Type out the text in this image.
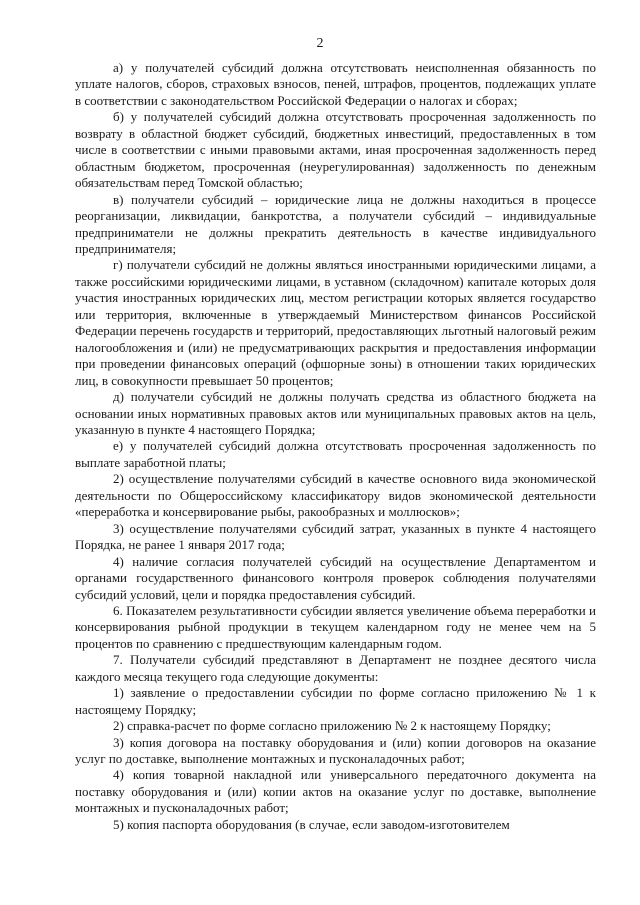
2

а) у получателей субсидий должна отсутствовать неисполненная обязанность по уплате налогов, сборов, страховых взносов, пеней, штрафов, процентов, подлежащих уплате в соответствии с законодательством Российской Федерации о налогах и сборах;

б) у получателей субсидий должна отсутствовать просроченная задолженность по возврату в областной бюджет субсидий, бюджетных инвестиций, предоставленных в том числе в соответствии с иными правовыми актами, иная просроченная задолженность перед областным бюджетом, просроченная (неурегулированная) задолженность по денежным обязательствам перед Томской областью;

в) получатели субсидий – юридические лица не должны находиться в процессе реорганизации, ликвидации, банкротства, а получатели субсидий – индивидуальные предприниматели не должны прекратить деятельность в качестве индивидуального предпринимателя;

г) получатели субсидий не должны являться иностранными юридическими лицами, а также российскими юридическими лицами, в уставном (складочном) капитале которых доля участия иностранных юридических лиц, местом регистрации которых является государство или территория, включенные в утверждаемый Министерством финансов Российской Федерации перечень государств и территорий, предоставляющих льготный налоговый режим налогообложения и (или) не предусматривающих раскрытия и предоставления информации при проведении финансовых операций (офшорные зоны) в отношении таких юридических лиц, в совокупности превышает 50 процентов;

д) получатели субсидий не должны получать средства из областного бюджета на основании иных нормативных правовых актов или муниципальных правовых актов на цель, указанную в пункте 4 настоящего Порядка;

е) у получателей субсидий должна отсутствовать просроченная задолженность по выплате заработной платы;

2) осуществление получателями субсидий в качестве основного вида экономической деятельности по Общероссийскому классификатору видов экономической деятельности «переработка и консервирование рыбы, ракообразных и моллюсков»;

3) осуществление получателями субсидий затрат, указанных в пункте 4 настоящего Порядка, не ранее 1 января 2017 года;

4) наличие согласия получателей субсидий на осуществление Департаментом и органами государственного финансового контроля проверок соблюдения получателями субсидий условий, цели и порядка предоставления субсидий.

6. Показателем результативности субсидии является увеличение объема переработки и консервирования рыбной продукции в текущем календарном году не менее чем на 5 процентов по сравнению с предшествующим календарным годом.

7. Получатели субсидий представляют в Департамент не позднее десятого числа каждого месяца текущего года следующие документы:

1) заявление о предоставлении субсидии по форме согласно приложению № 1 к настоящему Порядку;

2) справка-расчет по форме согласно приложению № 2 к настоящему Порядку;

3) копия договора на поставку оборудования и (или) копии договоров на оказание услуг по доставке, выполнение монтажных и пусконаладочных работ;

4) копия товарной накладной или универсального передаточного документа на поставку оборудования и (или) копии актов на оказание услуг по доставке, выполнение монтажных и пусконаладочных работ;

5) копия паспорта оборудования (в случае, если заводом-изготовителем
